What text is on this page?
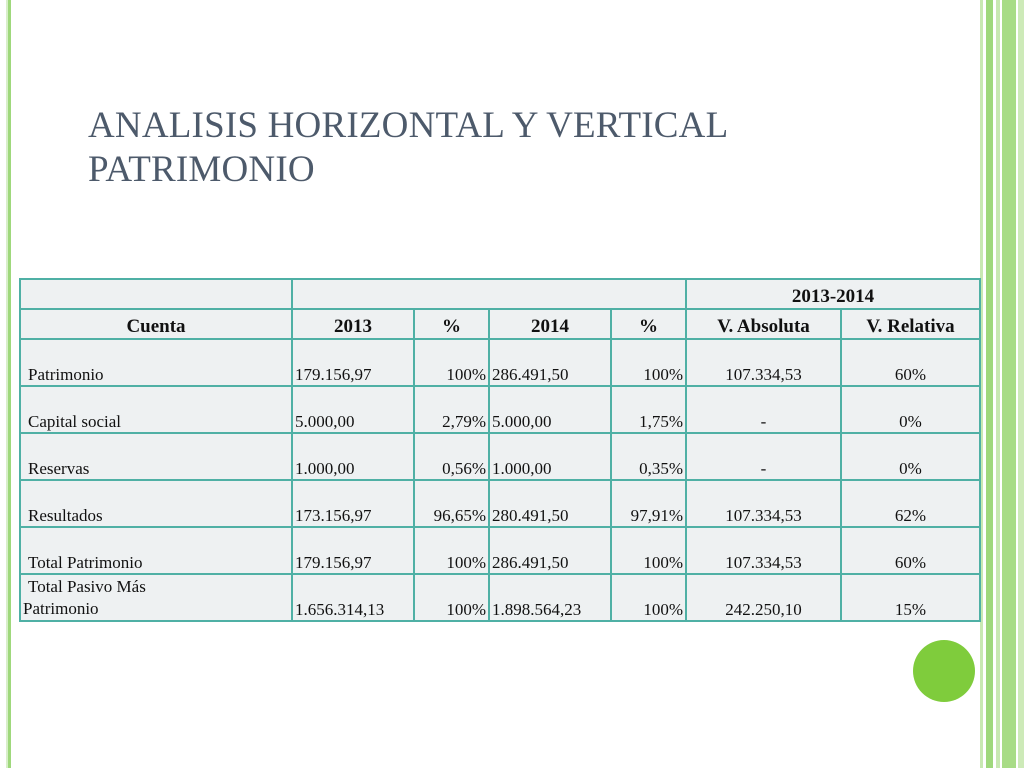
ANALISIS HORIZONTAL Y VERTICAL
PATRIMONIO
					2013-2014	
Cuenta	2013	%	2014	%	V. Absoluta	V. Relativa
Patrimonio	179.156,97	100%	286.491,50	100%	107.334,53	60%
Capital social	5.000,00	2,79%	5.000,00	1,75%	-	0%
Reservas	1.000,00	0,56%	1.000,00	0,35%	-	0%
Resultados	173.156,97	96,65%	280.491,50	97,91%	107.334,53	62%
Total Patrimonio	179.156,97	100%	286.491,50	100%	107.334,53	60%

Total Pasivo Más
Patrimonio	1.656.314,13	100%	1.898.564,23	100%	242.250,10	15%
